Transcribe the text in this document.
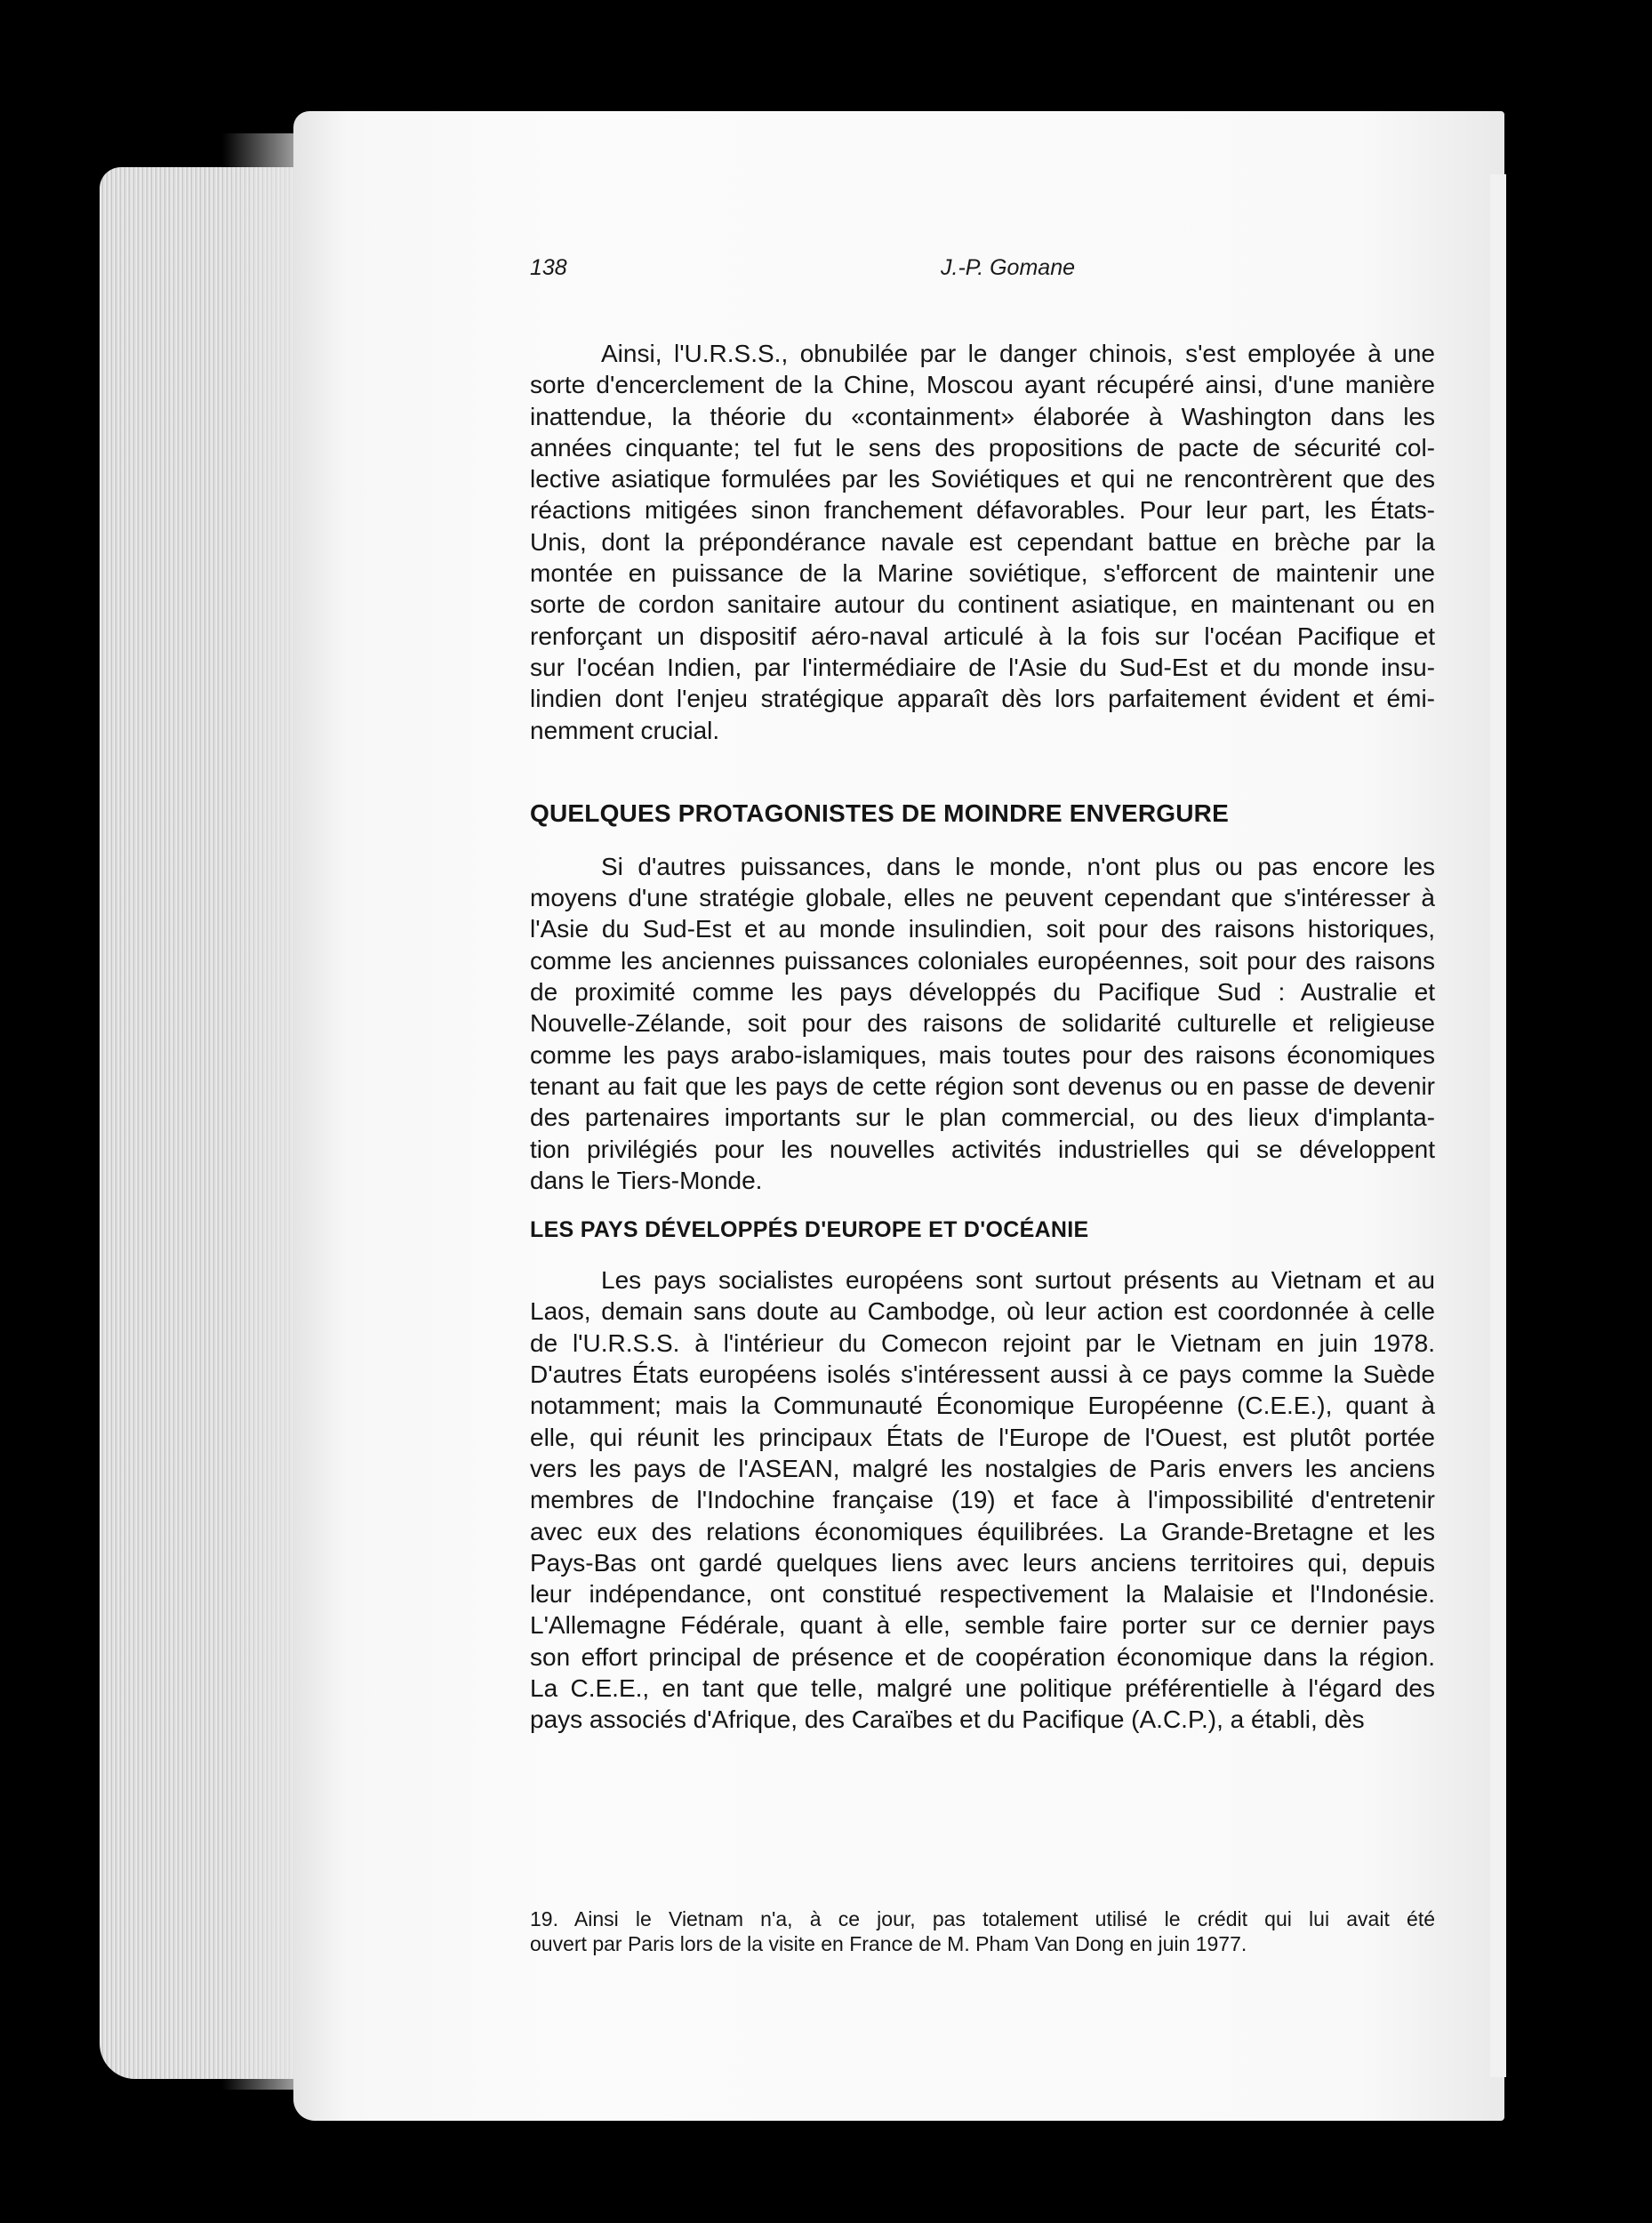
138	J.-P. Gomane

Ainsi, l'U.R.S.S., obnubilée par le danger chinois, s'est employée à une
sorte d'encerclement de la Chine, Moscou ayant récupéré ainsi, d'une manière
inattendue, la théorie du «containment» élaborée à Washington dans les
années cinquante; tel fut le sens des propositions de pacte de sécurité col-
lective asiatique formulées par les Soviétiques et qui ne rencontrèrent que des
réactions mitigées sinon franchement défavorables. Pour leur part, les États-
Unis, dont la prépondérance navale est cependant battue en brèche par la
montée en puissance de la Marine soviétique, s'efforcent de maintenir une
sorte de cordon sanitaire autour du continent asiatique, en maintenant ou en
renforçant un dispositif aéro-naval articulé à la fois sur l'océan Pacifique et
sur l'océan Indien, par l'intermédiaire de l'Asie du Sud-Est et du monde insu-
lindien dont l'enjeu stratégique apparaît dès lors parfaitement évident et émi-
nemment crucial.

QUELQUES PROTAGONISTES DE MOINDRE ENVERGURE

Si d'autres puissances, dans le monde, n'ont plus ou pas encore les
moyens d'une stratégie globale, elles ne peuvent cependant que s'intéresser à
l'Asie du Sud-Est et au monde insulindien, soit pour des raisons historiques,
comme les anciennes puissances coloniales européennes, soit pour des raisons
de proximité comme les pays développés du Pacifique Sud : Australie et
Nouvelle-Zélande, soit pour des raisons de solidarité culturelle et religieuse
comme les pays arabo-islamiques, mais toutes pour des raisons économiques
tenant au fait que les pays de cette région sont devenus ou en passe de devenir
des partenaires importants sur le plan commercial, ou des lieux d'implanta-
tion privilégiés pour les nouvelles activités industrielles qui se développent
dans le Tiers-Monde.

LES PAYS DÉVELOPPÉS D'EUROPE ET D'OCÉANIE

Les pays socialistes européens sont surtout présents au Vietnam et au
Laos, demain sans doute au Cambodge, où leur action est coordonnée à celle
de l'U.R.S.S. à l'intérieur du Comecon rejoint par le Vietnam en juin 1978.
D'autres États européens isolés s'intéressent aussi à ce pays comme la Suède
notamment; mais la Communauté Économique Européenne (C.E.E.), quant à
elle, qui réunit les principaux États de l'Europe de l'Ouest, est plutôt portée
vers les pays de l'ASEAN, malgré les nostalgies de Paris envers les anciens
membres de l'Indochine française (19) et face à l'impossibilité d'entretenir
avec eux des relations économiques équilibrées. La Grande-Bretagne et les
Pays-Bas ont gardé quelques liens avec leurs anciens territoires qui, depuis
leur indépendance, ont constitué respectivement la Malaisie et l'Indonésie.
L'Allemagne Fédérale, quant à elle, semble faire porter sur ce dernier pays
son effort principal de présence et de coopération économique dans la région.
La C.E.E., en tant que telle, malgré une politique préférentielle à l'égard des
pays associés d'Afrique, des Caraïbes et du Pacifique (A.C.P.), a établi, dès

19. Ainsi le Vietnam n'a, à ce jour, pas totalement utilisé le crédit qui lui avait été
ouvert par Paris lors de la visite en France de M. Pham Van Dong en juin 1977.
